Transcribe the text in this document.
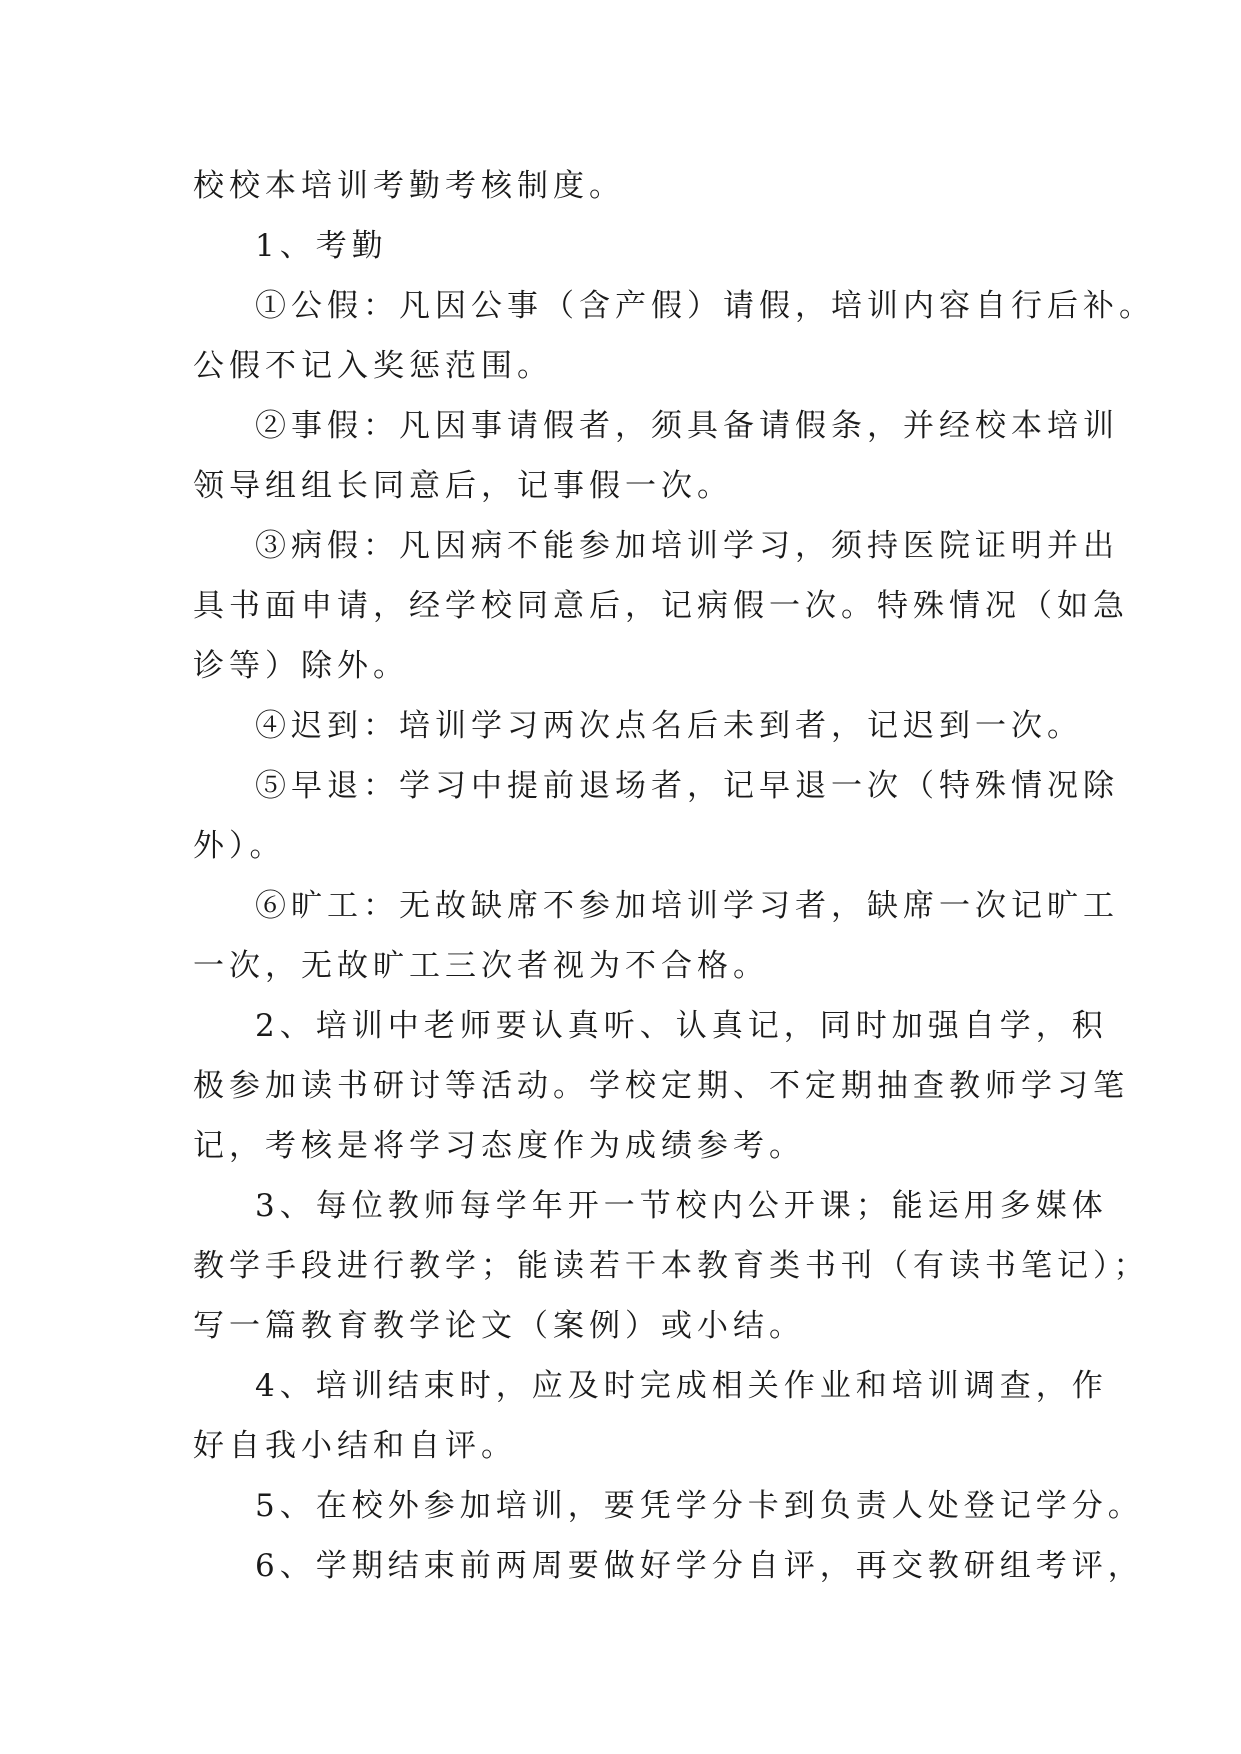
校校本培训考勤考核制度。
1、考勤
①公假：凡因公事（含产假）请假，培训内容自行后补。
公假不记入奖惩范围。
②事假：凡因事请假者，须具备请假条，并经校本培训
领导组组长同意后，记事假一次。
③病假：凡因病不能参加培训学习，须持医院证明并出
具书面申请，经学校同意后，记病假一次。特殊情况（如急
诊等）除外。
④迟到：培训学习两次点名后未到者，记迟到一次。
⑤早退：学习中提前退场者，记早退一次（特殊情况除
外）。
⑥旷工：无故缺席不参加培训学习者，缺席一次记旷工
一次，无故旷工三次者视为不合格。
2、培训中老师要认真听、认真记，同时加强自学，积
极参加读书研讨等活动。学校定期、不定期抽查教师学习笔
记，考核是将学习态度作为成绩参考。
3、每位教师每学年开一节校内公开课；能运用多媒体
教学手段进行教学；能读若干本教育类书刊（有读书笔记）；
写一篇教育教学论文（案例）或小结。
4、培训结束时，应及时完成相关作业和培训调查，作
好自我小结和自评。
5、在校外参加培训，要凭学分卡到负责人处登记学分。
6、学期结束前两周要做好学分自评，再交教研组考评，
